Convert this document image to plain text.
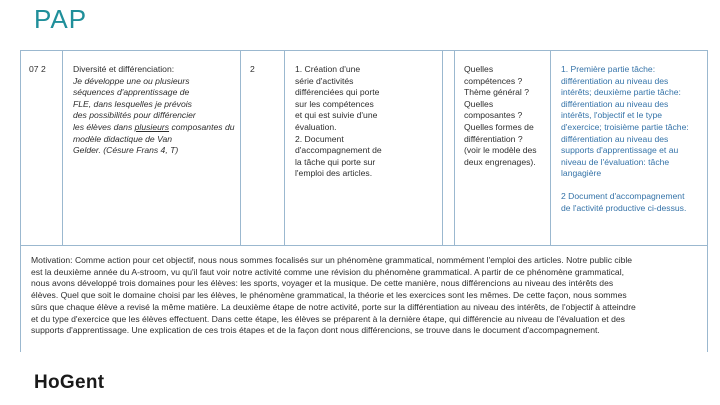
PAP
07 2	Diversité et différenciation:
Je développe une ou plusieurs
séquences d'apprentissage de
FLE, dans lesquelles je prévois
des possibilités pour différencier
les élèves dans plusieurs composantes du
modèle didactique de Van
Gelder. (Césure Frans 4, T)
2	1. Création d'une
série d'activités
différenciées qui porte
sur les compétences
et qui est suivie d'une
évaluation.
2. Document
d'accompagnement de
la tâche qui porte sur
l'emploi des articles.
Quelles
compétences ?
Thème général ?
Quelles
composantes ?
Quelles formes de
différentiation ?
(voir le modèle des
deux engrenages).
1. Première partie tâche:
différentiation au niveau des
intérêts; deuxième partie tâche:
différentiation au niveau des
intérêts, l'objectif et le type
d'exercice; troisième partie tâche:
différentiation au niveau des
supports d'apprentissage et au
niveau de l'évaluation: tâche
langagière
2 Document d'accompagnement
de l'activité productive ci-dessus.
Motivation: Comme action pour cet objectif, nous nous sommes focalisés sur un phénomène grammatical, nommément l'emploi des articles. Notre public cible
est la deuxième année du A-stroom, vu qu'il faut voir notre activité comme une révision du phénomène grammatical. A partir de ce phénomène grammatical,
nous avons développé trois domaines pour les élèves: les sports, voyager et la musique. De cette manière, nous différencions au niveau des intérêts des
élèves. Quel que soit le domaine choisi par les élèves, le phénomène grammatical, la théorie et les exercices sont les mêmes. De cette façon, nous sommes
sûrs que chaque élève a revisé la même matière. La deuxième étape de notre activité, porte sur la différentiation au niveau des intérêts, de l'objectif à atteindre
et du type d'exercice que les élèves effectuent. Dans cette étape, les élèves se préparent à la dernière étape, qui différencie au niveau de l'évaluation et des
supports d'apprentissage. Une explication de ces trois étapes et de la façon dont nous différencions, se trouve dans le document d'accompagnement.
HoGent
